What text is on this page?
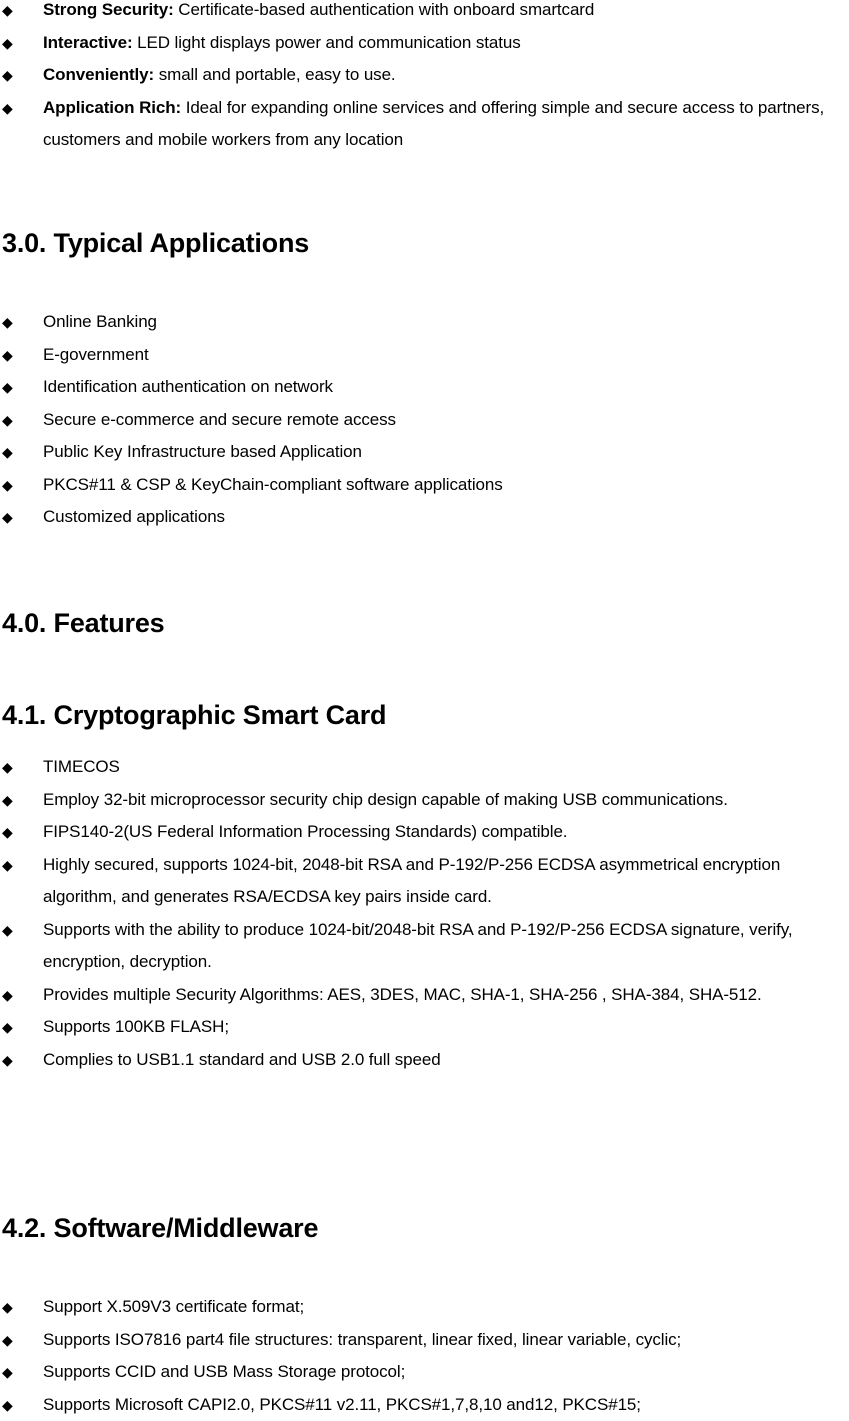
◆ Strong Security: Certificate‐based authentication with onboard smartcard
◆ Interactive: LED light displays power and communication status
◆ Conveniently: small and portable, easy to use.
◆ Application Rich: Ideal for expanding online services and offering simple and secure access to partners, customers and mobile workers from any location
3.0. Typical Applications
◆ Online Banking
◆ E‐government
◆ Identification authentication on network
◆ Secure e‐commerce and secure remote access
◆ Public Key Infrastructure based Application
◆ PKCS#11 & CSP & KeyChain‐compliant software applications
◆ Customized applications
4.0. Features
4.1. Cryptographic Smart Card
◆ TIMECOS
◆ Employ 32‐bit microprocessor security chip design capable of making USB communications.
◆ FIPS140‐2(US Federal Information Processing Standards) compatible.
◆ Highly secured, supports 1024‐bit, 2048‐bit RSA and P-192/P-256 ECDSA asymmetrical encryption algorithm, and generates RSA/ECDSA key pairs inside card.
◆ Supports with the ability to produce 1024‐bit/2048‐bit RSA and P-192/P-256 ECDSA signature, verify, encryption, decryption.
◆ Provides multiple Security Algorithms: AES, 3DES, MAC, SHA‐1, SHA‐256 , SHA-384, SHA-512.
◆ Supports 100KB FLASH;
◆ Complies to USB1.1 standard and USB 2.0 full speed
4.2. Software/Middleware
◆ Support X.509V3 certificate format;
◆ Supports ISO7816 part4 file structures: transparent, linear fixed, linear variable, cyclic;
◆ Supports CCID and USB Mass Storage protocol;
◆ Supports Microsoft CAPI2.0, PKCS#11 v2.11, PKCS#1,7,8,10 and12, PKCS#15;
